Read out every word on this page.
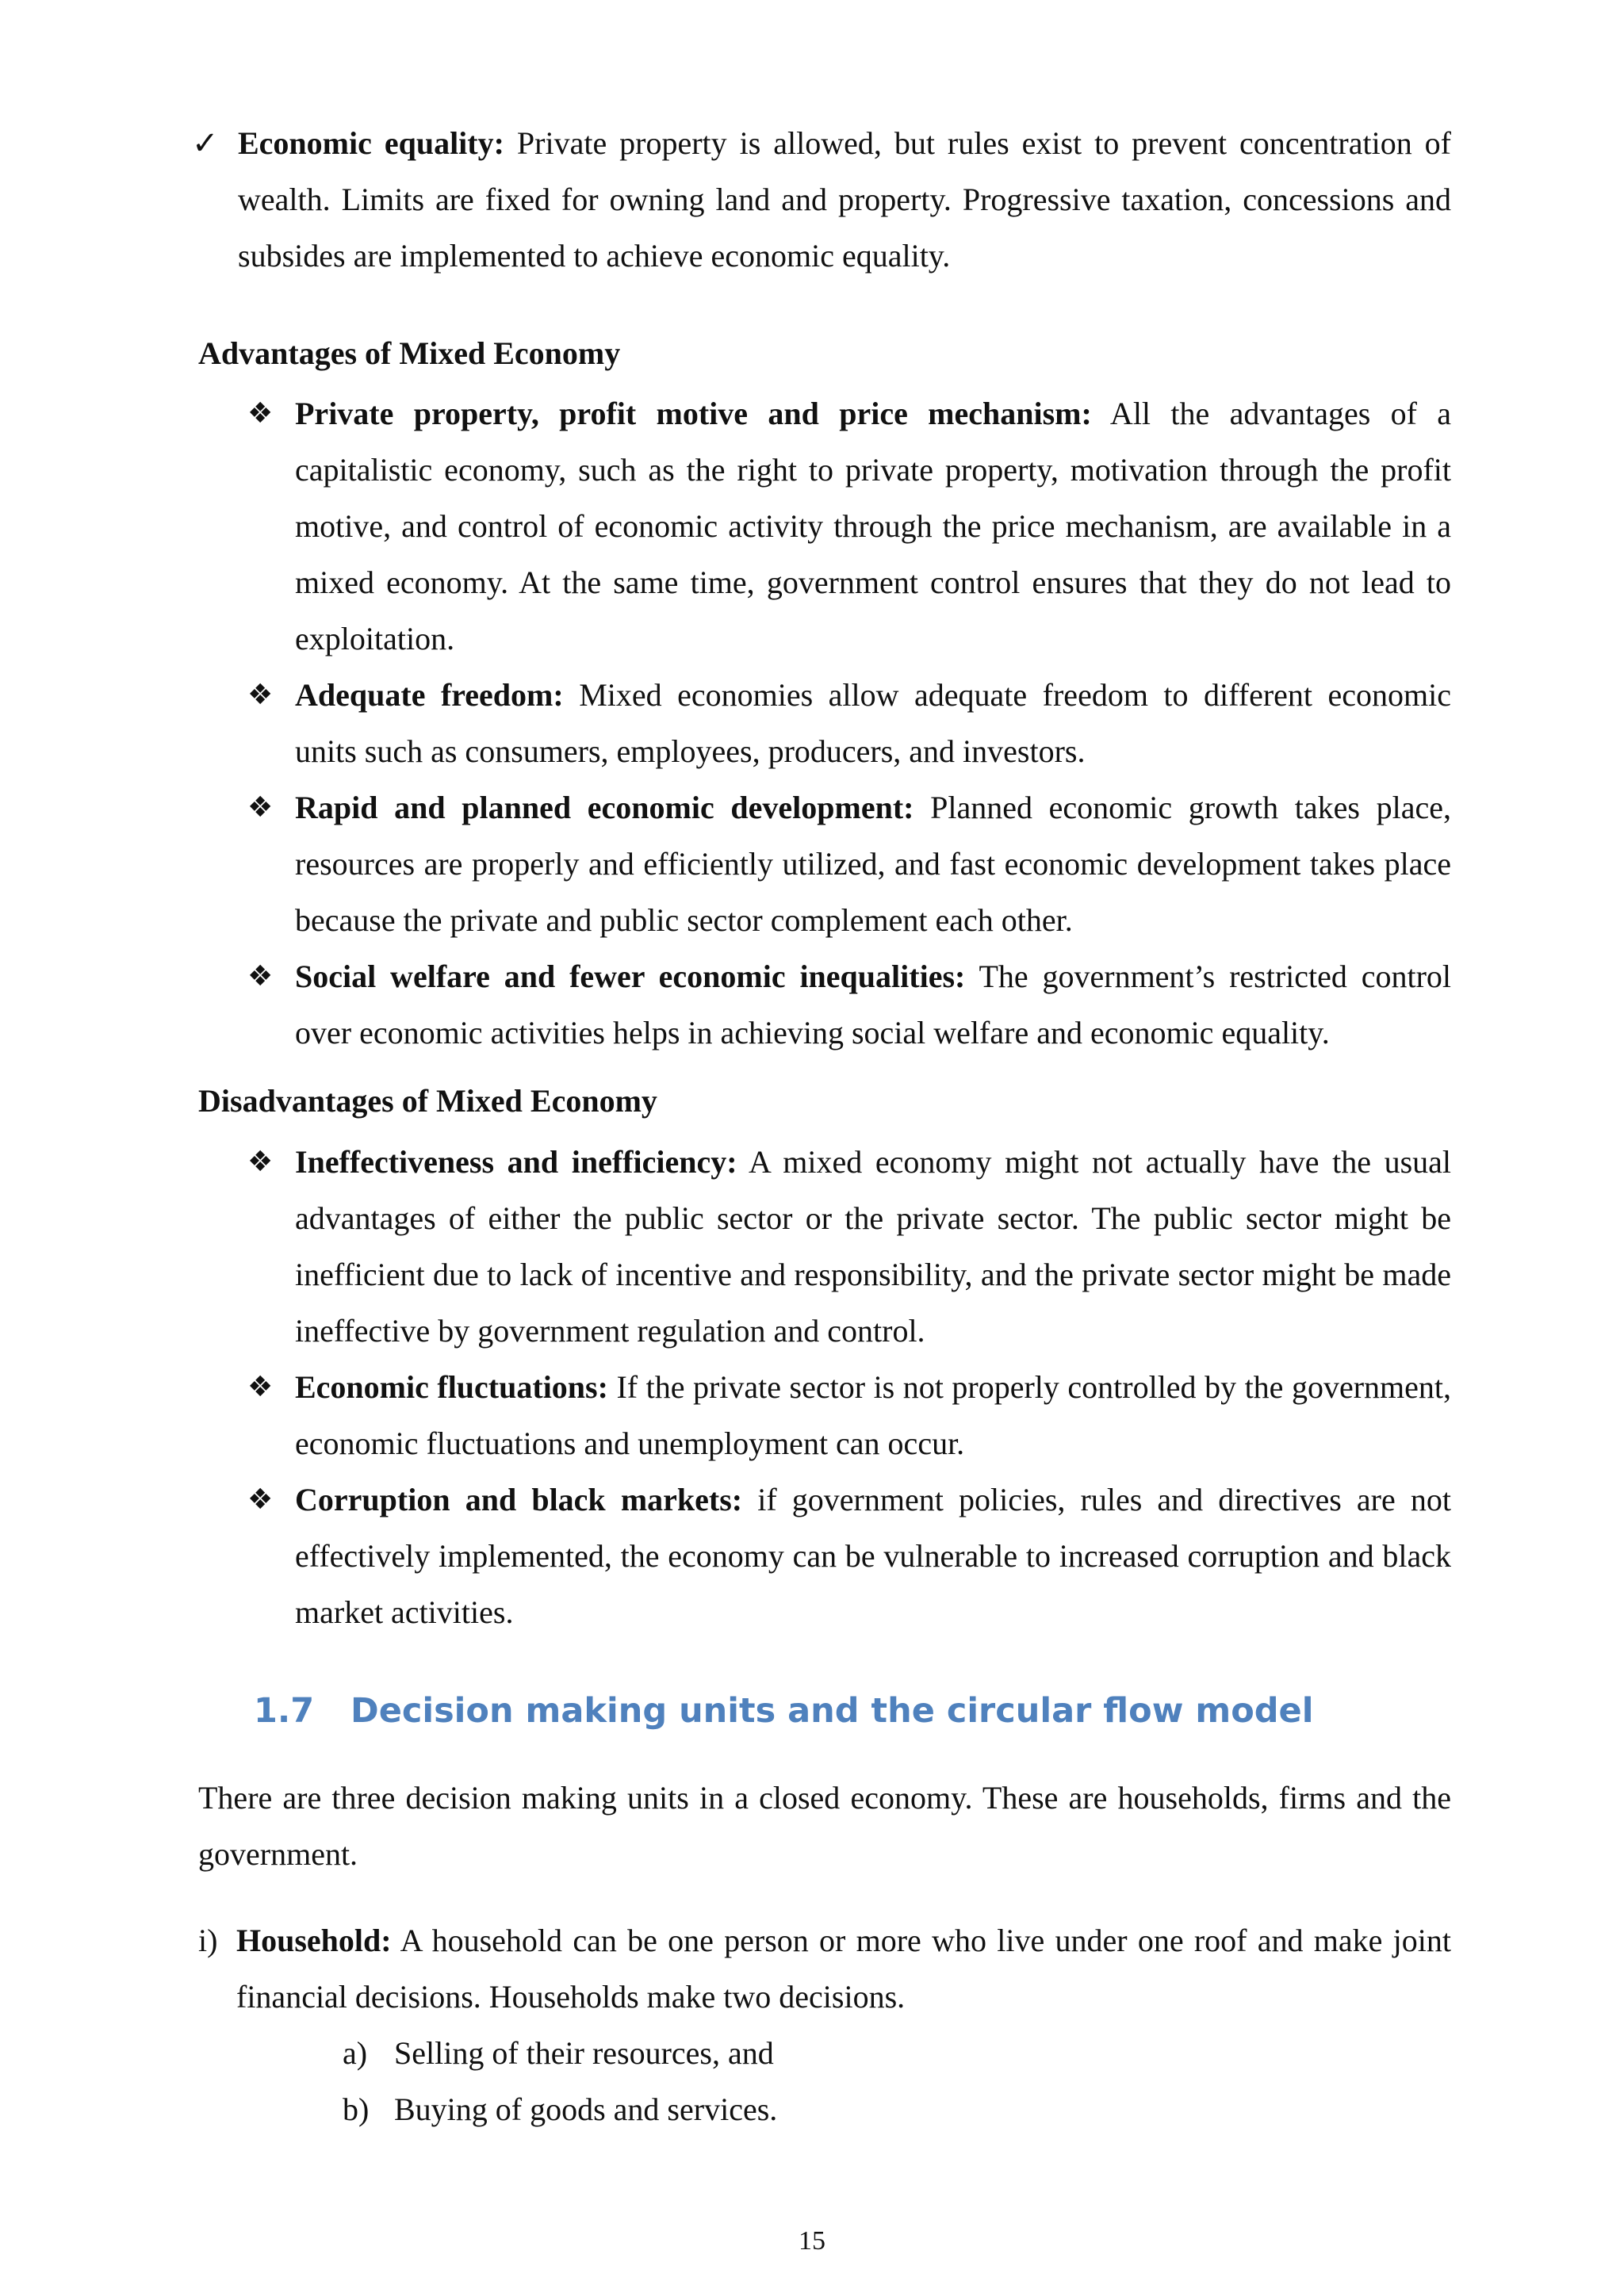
✓ Economic equality: Private property is allowed, but rules exist to prevent concentration of wealth. Limits are fixed for owning land and property. Progressive taxation, concessions and subsides are implemented to achieve economic equality.
Advantages of Mixed Economy
❖ Private property, profit motive and price mechanism: All the advantages of a capitalistic economy, such as the right to private property, motivation through the profit motive, and control of economic activity through the price mechanism, are available in a mixed economy. At the same time, government control ensures that they do not lead to exploitation.
❖ Adequate freedom: Mixed economies allow adequate freedom to different economic units such as consumers, employees, producers, and investors.
❖ Rapid and planned economic development: Planned economic growth takes place, resources are properly and efficiently utilized, and fast economic development takes place because the private and public sector complement each other.
❖ Social welfare and fewer economic inequalities: The government’s restricted control over economic activities helps in achieving social welfare and economic equality.
Disadvantages of Mixed Economy
❖ Ineffectiveness and inefficiency: A mixed economy might not actually have the usual advantages of either the public sector or the private sector. The public sector might be inefficient due to lack of incentive and responsibility, and the private sector might be made ineffective by government regulation and control.
❖ Economic fluctuations: If the private sector is not properly controlled by the government, economic fluctuations and unemployment can occur.
❖ Corruption and black markets: if government policies, rules and directives are not effectively implemented, the economy can be vulnerable to increased corruption and black market activities.
1.7 Decision making units and the circular flow model
There are three decision making units in a closed economy. These are households, firms and the government.
i) Household: A household can be one person or more who live under one roof and make joint financial decisions. Households make two decisions.
a) Selling of their resources, and
b) Buying of goods and services.
15
